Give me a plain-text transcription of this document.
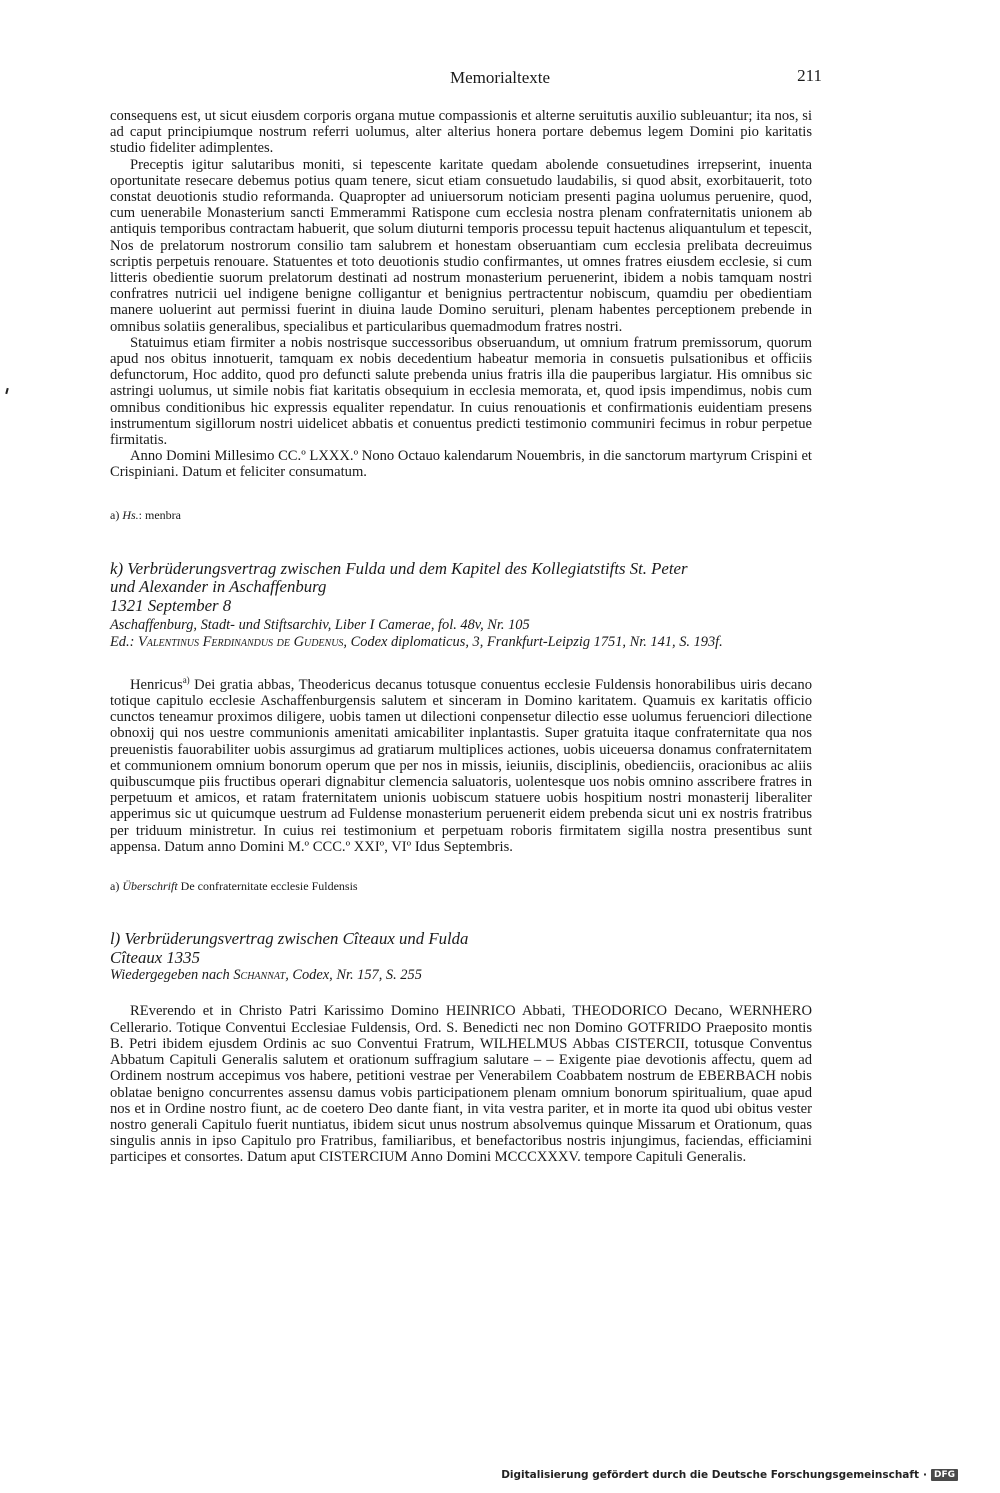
Memorialtexte	211

consequens est, ut sicut eiusdem corporis organa mutue compassionis et alterne seruitutis auxilio subleuantur; ita nos, si ad caput principiumque nostrum referri uolumus, alter alterius honera portare debemus legem Domini pio karitatis studio fideliter adimplentes.

Preceptis igitur salutaribus moniti, si tepescente karitate quedam abolende consuetudines irrepserint, inuenta oportunitate resecare debemus potius quam tenere, sicut etiam consuetudo laudabilis, si quod absit, exorbitauerit, toto constat deuotionis studio reformanda. Quapropter ad uniuersorum noticiam presenti pagina uolumus peruenire, quod, cum uenerabile Monasterium sancti Emmerammi Ratispone cum ecclesia nostra plenam confraternitatis unionem ab antiquis temporibus contractam habuerit, que solum diuturni temporis processu tepuit hactenus aliquantulum et tepescit, Nos de prelatorum nostrorum consilio tam salubrem et honestam obseruantiam cum ecclesia prelibata decreuimus scriptis perpetuis renouare. Statuentes et toto deuotionis studio confirmantes, ut omnes fratres eiusdem ecclesie, si cum litteris obedientie suorum prelatorum destinati ad nostrum monasterium peruenerint, ibidem a nobis tamquam nostri confratres nutricii uel indigene benigne colligantur et benignius pertractentur nobiscum, quamdiu per obedientiam manere uoluerint aut permissi fuerint in diuina laude Domino seruituri, plenam habentes perceptionem prebende in omnibus solatiis generalibus, specialibus et particularibus quemadmodum fratres nostri.

Statuimus etiam firmiter a nobis nostrisque successoribus obseruandum, ut omnium fratrum premissorum, quorum apud nos obitus innotuerit, tamquam ex nobis decedentium habeatur memoria in consuetis pulsationibus et officiis defunctorum, Hoc addito, quod pro defuncti salute prebenda unius fratris illa die pauperibus largiatur. His omnibus sic astringi uolumus, ut simile nobis fiat karitatis obsequium in ecclesia memorata, et, quod ipsis impendimus, nobis cum omnibus conditionibus hic expressis equaliter rependatur. In cuius renouationis et confirmationis euidentiam presens instrumentum sigillorum nostri uidelicet abbatis et conuentus predicti testimonio communiri fecimus in robur perpetue firmitatis.

Anno Domini Millesimo CC.º LXXX.º Nono Octauo kalendarum Nouembris, in die sanctorum martyrum Crispini et Crispiniani. Datum et feliciter consumatum.

a) Hs.: menbra

k) Verbrüderungsvertrag zwischen Fulda und dem Kapitel des Kollegiatstifts St. Peter

und Alexander in Aschaffenburg

1321 September 8

Aschaffenburg, Stadt- und Stiftsarchiv, Liber I Camerae, fol. 48v, Nr. 105

Ed.: Valentinus Ferdinandus de Gudenus, Codex diplomaticus, 3, Frankfurt-Leipzig 1751, Nr. 141, S. 193f.

Henricus$^{a)}$ Dei gratia abbas, Theodericus decanus totusque conuentus ecclesie Fuldensis honorabilibus uiris decano totique capitulo ecclesie Aschaffenburgensis salutem et sinceram in Domino karitatem. Quamuis ex karitatis officio cunctos teneamur proximos diligere, uobis tamen ut dilectioni conpensetur dilectio esse uolumus feruenciori dilectione obnoxij qui nos uestre communionis amenitati amicabiliter inplantastis. Super gratuita itaque confraternitate qua nos preuenistis fauorabiliter uobis assurgimus ad gratiarum multiplices actiones, uobis uiceuersa donamus confraternitatem et communionem omnium bonorum operum que per nos in missis, ieiuniis, disciplinis, obedienciis, oracionibus ac aliis quibuscumque piis fructibus operari dignabitur clemencia saluatoris, uolentesque uos nobis omnino asscribere fratres in perpetuum et amicos, et ratam fraternitatem unionis uobiscum statuere uobis hospitium nostri monasterij liberaliter apperimus sic ut quicumque uestrum ad Fuldense monasterium peruenerit eidem prebenda sicut uni ex nostris fratribus per triduum ministretur. In cuius rei testimonium et perpetuam roboris firmitatem sigilla nostra presentibus sunt appensa. Datum anno Domini M.º CCC.º XXIº, VIº Idus Septembris.

a) Überschrift De confraternitate ecclesie Fuldensis

l) Verbrüderungsvertrag zwischen Cîteaux und Fulda

Cîteaux 1335

Wiedergegeben nach Schannat, Codex, Nr. 157, S. 255

REverendo et in Christo Patri Karissimo Domino HEINRICO Abbati, THEODORICO Decano, WERNHERO Cellerario. Totique Conventui Ecclesiae Fuldensis, Ord. S. Benedicti nec non Domino GOTFRIDO Praeposito montis B. Petri ibidem ejusdem Ordinis ac suo Conventui Fratrum, WILHELMUS Abbas CISTERCII, totusque Conventus Abbatum Capituli Generalis salutem et orationum suffragium salutare – – Exigente piae devotionis affectu, quem ad Ordinem nostrum accepimus vos habere, petitioni vestrae per Venerabilem Coabbatem nostrum de EBERBACH nobis oblatae benigno concurrentes assensu damus vobis participationem plenam omnium bonorum spiritualium, quae apud nos et in Ordine nostro fiunt, ac de coetero Deo dante fiant, in vita vestra pariter, et in morte ita quod ubi obitus vester nostro generali Capitulo fuerit nuntiatus, ibidem sicut unus nostrum absolvemus quinque Missarum et Orationum, quas singulis annis in ipso Capitulo pro Fratribus, familiaribus, et benefactoribus nostris injungimus, faciendas, efficiamini participes et consortes. Datum aput CISTERCIUM Anno Domini MCCCXXXV. tempore Capituli Generalis.

Digitalisierung gefördert durch die Deutsche Forschungsgemeinschaft · DFG
